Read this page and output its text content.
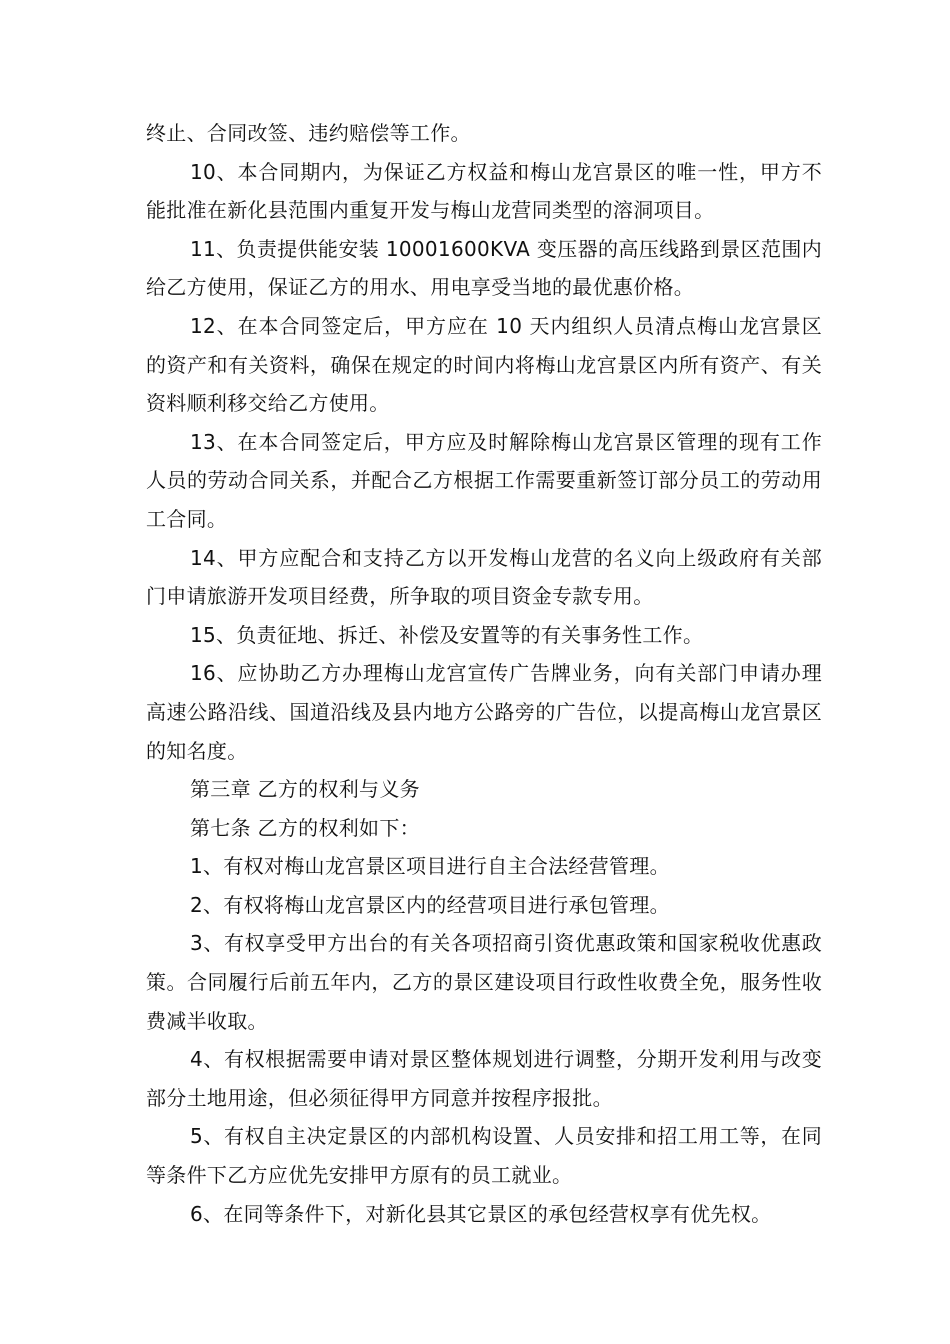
终止、合同改签、违约赔偿等工作。

10、本合同期内，为保证乙方权益和梅山龙宫景区的唯一性，甲方不能批准在新化县范围内重复开发与梅山龙营同类型的溶洞项目。

11、负责提供能安装 10001600KVA 变压器的高压线路到景区范围内给乙方使用，保证乙方的用水、用电享受当地的最优惠价格。

12、在本合同签定后，甲方应在 10 天内组织人员清点梅山龙宫景区的资产和有关资料，确保在规定的时间内将梅山龙宫景区内所有资产、有关资料顺利移交给乙方使用。

13、在本合同签定后，甲方应及时解除梅山龙宫景区管理的现有工作人员的劳动合同关系，并配合乙方根据工作需要重新签订部分员工的劳动用工合同。

14、甲方应配合和支持乙方以开发梅山龙营的名义向上级政府有关部门申请旅游开发项目经费，所争取的项目资金专款专用。

15、负责征地、拆迁、补偿及安置等的有关事务性工作。

16、应协助乙方办理梅山龙宫宣传广告牌业务，向有关部门申请办理高速公路沿线、国道沿线及县内地方公路旁的广告位，以提高梅山龙宫景区的知名度。

第三章 乙方的权利与义务

第七条 乙方的权利如下：

1、有权对梅山龙宫景区项目进行自主合法经营管理。

2、有权将梅山龙宫景区内的经营项目进行承包管理。

3、有权享受甲方出台的有关各项招商引资优惠政策和国家税收优惠政策。合同履行后前五年内，乙方的景区建设项目行政性收费全免，服务性收费减半收取。

4、有权根据需要申请对景区整体规划进行调整，分期开发利用与改变部分土地用途，但必须征得甲方同意并按程序报批。

5、有权自主决定景区的内部机构设置、人员安排和招工用工等，在同等条件下乙方应优先安排甲方原有的员工就业。

6、在同等条件下，对新化县其它景区的承包经营权享有优先权。
